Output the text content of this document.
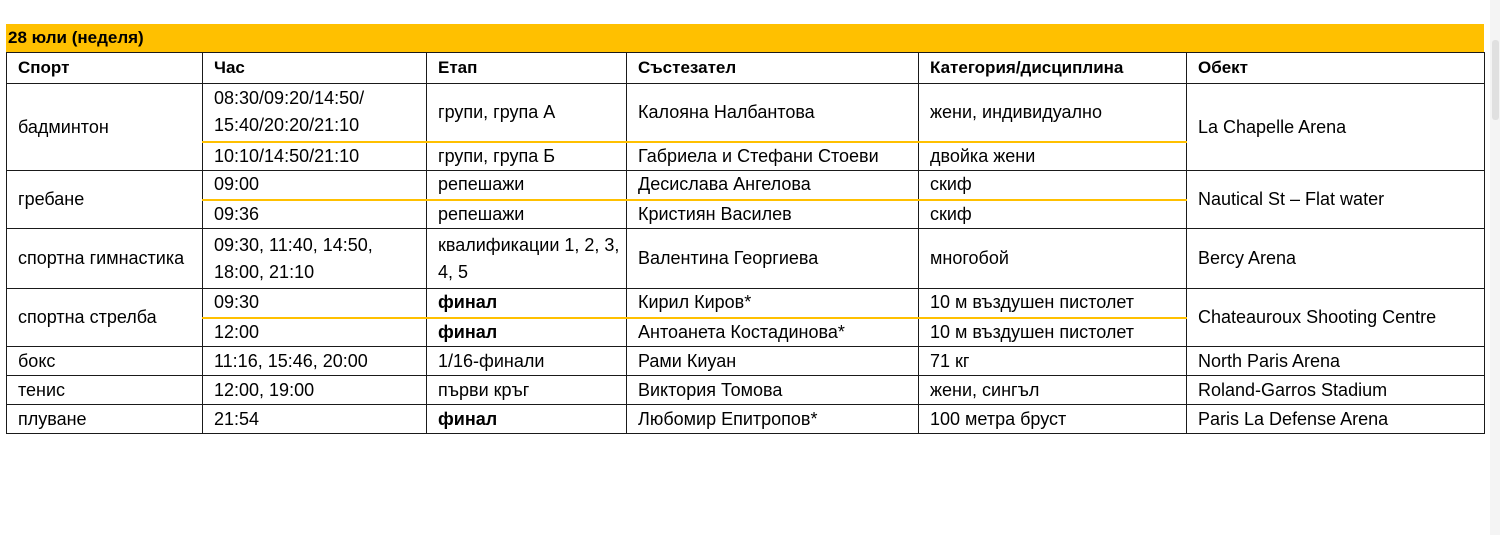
28 юли (неделя)
Спорт	Час	Етап	Състезател	Категория/дисциплина	Обект
бадминтон	08:30/09:20/14:50/ 15:40/20:20/21:10	групи, група А	Калояна Налбантова	жени, индивидуално	La Chapelle Arena
	10:10/14:50/21:10	групи, група Б	Габриела и Стефани Стоеви	двойка жени	
гребане	09:00	репешажи	Десислава Ангелова	скиф	Nautical St – Flat water
	09:36	репешажи	Кристиян Василев	скиф	
спортна гимнастика	09:30, 11:40, 14:50, 18:00, 21:10	квалификации 1, 2, 3, 4, 5	Валентина Георгиева	многобой	Bercy Arena
спортна стрелба	09:30	финал	Кирил Киров*	10 м въздушен пистолет	Chateauroux Shooting Centre
	12:00	финал	Антоанета Костадинова*	10 м въздушен пистолет	
бокс	11:16, 15:46, 20:00	1/16-финали	Рами Киуан	71 кг	North Paris Arena
тенис	12:00, 19:00	първи кръг	Виктория Томова	жени, сингъл	Roland-Garros Stadium
плуване	21:54	финал	Любомир Епитропов*	100 метра бруст	Paris La Defense Arena
